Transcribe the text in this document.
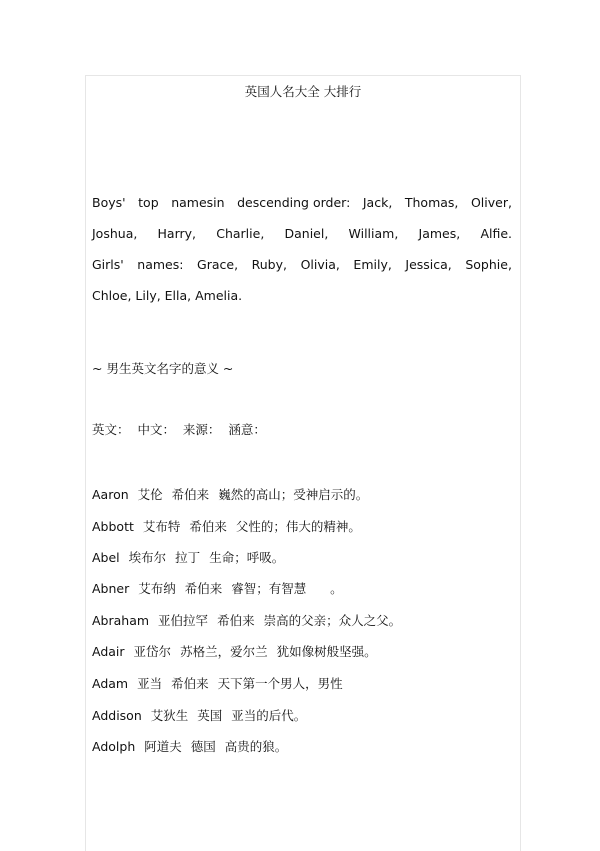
英国人名大全 大排行
Boys' top namesin descending order: Jack, Thomas, Oliver,
Joshua, Harry, Charlie, Daniel, William, James, Alfie.
Girls' names: Grace, Ruby, Olivia, Emily, Jessica, Sophie,
Chloe, Lily, Ella, Amelia.
~ 男生英文名字的意义 ~
英文：  中文：  来源：  涵意：
Aaron 艾伦 希伯来 巍然的高山；受神启示的。
Abbott 艾布特 希伯来 父性的；伟大的精神。
Abel 埃布尔 拉丁 生命；呼吸。
Abner 艾布纳 希伯来 睿智；有智慧      。
Abraham 亚伯拉罕 希伯来 崇高的父亲；众人之父。
Adair 亚岱尔 苏格兰，爱尔兰 犹如像树般坚强。
Adam 亚当 希伯来 天下第一个男人，男性
Addison 艾狄生 英国 亚当的后代。
Adolph 阿道夫 德国 高贵的狼。
